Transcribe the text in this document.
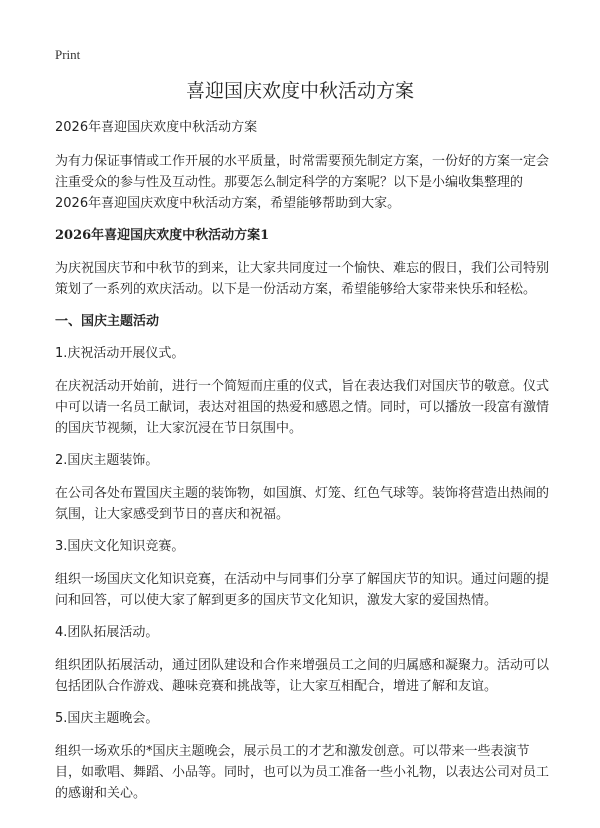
Print
喜迎国庆欢度中秋活动方案
2026年喜迎国庆欢度中秋活动方案
为有力保证事情或工作开展的水平质量，时常需要预先制定方案，一份好的方案一定会注重受众的参与性及互动性。那要怎么制定科学的方案呢？以下是小编收集整理的2026年喜迎国庆欢度中秋活动方案，希望能够帮助到大家。
2026年喜迎国庆欢度中秋活动方案1
为庆祝国庆节和中秋节的到来，让大家共同度过一个愉快、难忘的假日，我们公司特别策划了一系列的欢庆活动。以下是一份活动方案，希望能够给大家带来快乐和轻松。
一、国庆主题活动
1.庆祝活动开展仪式。
在庆祝活动开始前，进行一个简短而庄重的仪式，旨在表达我们对国庆节的敬意。仪式中可以请一名员工献词，表达对祖国的热爱和感恩之情。同时，可以播放一段富有激情的国庆节视频，让大家沉浸在节日氛围中。
2.国庆主题装饰。
在公司各处布置国庆主题的装饰物，如国旗、灯笼、红色气球等。装饰将营造出热闹的氛围，让大家感受到节日的喜庆和祝福。
3.国庆文化知识竞赛。
组织一场国庆文化知识竞赛，在活动中与同事们分享了解国庆节的知识。通过问题的提问和回答，可以使大家了解到更多的国庆节文化知识，激发大家的爱国热情。
4.团队拓展活动。
组织团队拓展活动，通过团队建设和合作来增强员工之间的归属感和凝聚力。活动可以包括团队合作游戏、趣味竞赛和挑战等，让大家互相配合，增进了解和友谊。
5.国庆主题晚会。
组织一场欢乐的*国庆主题晚会，展示员工的才艺和激发创意。可以带来一些表演节目，如歌唱、舞蹈、小品等。同时，也可以为员工准备一些小礼物，以表达公司对员工的感谢和关心。
